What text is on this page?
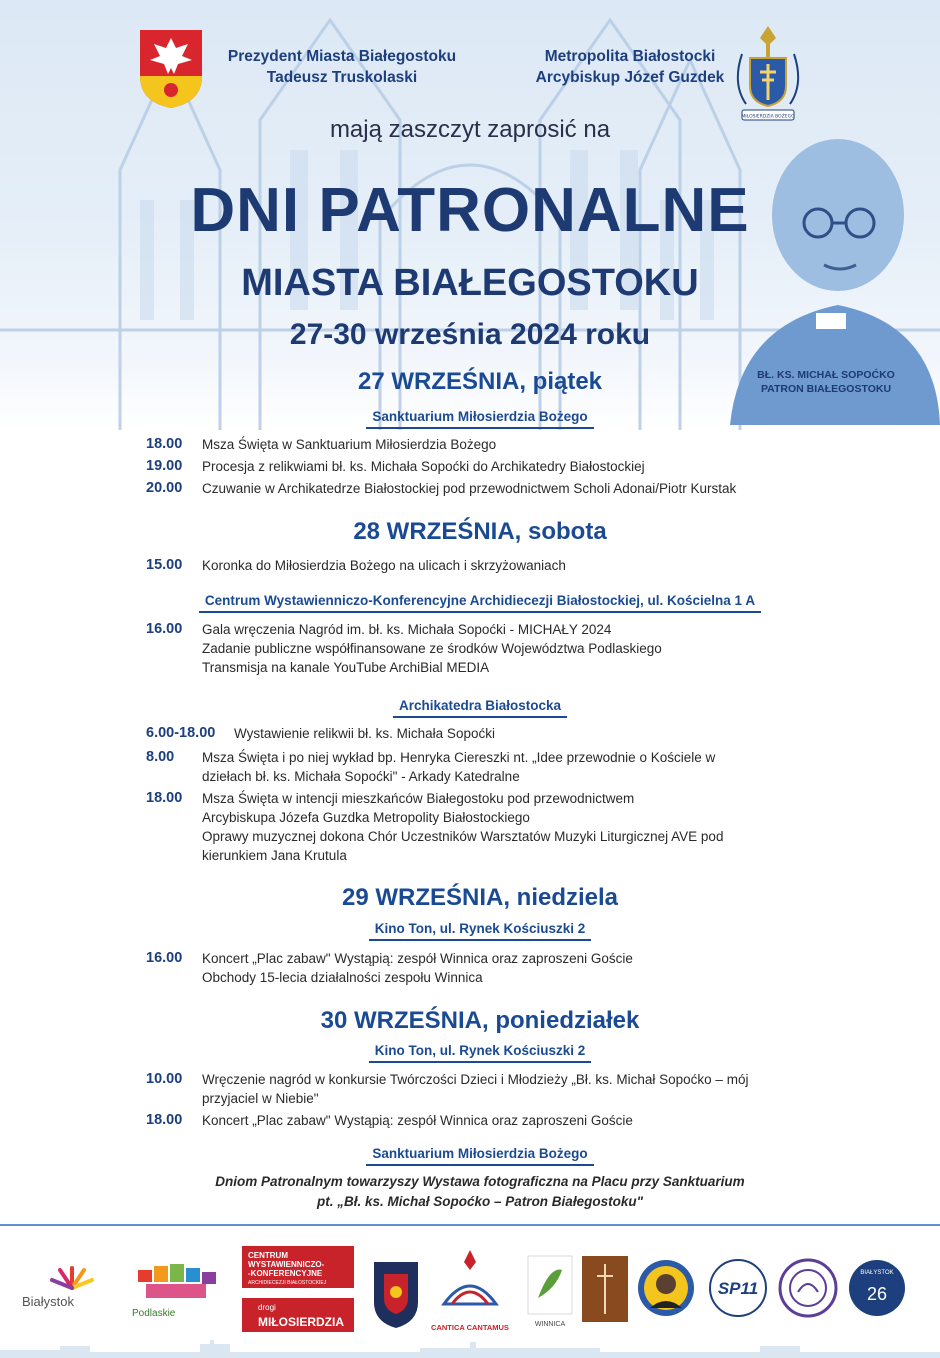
MIŁOSIERDZIA BOŻEGO
Prezydent Miasta Białegostoku
Tadeusz Truskolaski
Metropolita Białostocki
Arcybiskup Józef Guzdek
mają zaszczyt zaprosić na
DNI PATRONALNE
MIASTA BIAŁEGOSTOKU
27-30 września 2024 roku
BŁ. KS. MICHAŁ SOPOĆKO
PATRON BIAŁEGOSTOKU
27 WRZEŚNIA, piątek
Sanktuarium Miłosierdzia Bożego
18.00 Msza Święta w Sanktuarium Miłosierdzia Bożego
19.00 Procesja z relikwiami bł. ks. Michała Sopoćki do Archikatedry Białostockiej
20.00 Czuwanie w Archikatedrze Białostockiej pod przewodnictwem Scholi Adonai/Piotr Kurstak
28 WRZEŚNIA, sobota
15.00 Koronka do Miłosierdzia Bożego na ulicach i skrzyżowaniach
Centrum Wystawienniczo-Konferencyjne Archidiecezji Białostockiej, ul. Kościelna 1 A
16.00 Gala wręczenia Nagród im. bł. ks. Michała Sopoćki - MICHAŁY 2024
Zadanie publiczne współfinansowane ze środków Województwa Podlaskiego
Transmisja na kanale YouTube ArchiBial MEDIA
Archikatedra Białostocka
6.00-18.00 Wystawienie relikwii bł. ks. Michała Sopoćki
8.00 Msza Święta i po niej wykład bp. Henryka Ciereszki nt. „Idee przewodnie o Kościele w
dziełach bł. ks. Michała Sopoćki" - Arkady Katedralne
18.00 Msza Święta w intencji mieszkańców Białegostoku pod przewodnictwem
Arcybiskupa Józefa Guzdka Metropolity Białostockiego
Oprawy muzycznej dokona Chór Uczestników Warsztatów Muzyki Liturgicznej AVE pod
kierunkiem Jana Krutula
29 WRZEŚNIA, niedziela
Kino Ton, ul. Rynek Kościuszki 2
16.00 Koncert „Plac zabaw" Wystąpią: zespół Winnica oraz zaproszeni Goście
Obchody 15-lecia działalności zespołu Winnica
30 WRZEŚNIA, poniedziałek
Kino Ton, ul. Rynek Kościuszki 2
10.00 Wręczenie nagród w konkursie Twórczości Dzieci i Młodzieży „Bł. ks. Michał Sopoćko – mój
przyjaciel w Niebie"
18.00 Koncert „Plac zabaw" Wystąpią: zespół Winnica oraz zaproszeni Goście
Sanktuarium Miłosierdzia Bożego
Dniom Patronalnym towarzyszy Wystawa fotograficzna na Placu przy Sanktuarium
pt. „Bł. ks. Michał Sopoćko – Patron Białegostoku"
Białystok
Podlaskie
CENTRUM
WYSTAWIENNICZO-
-KONFERENCYJNE
ARCHIDIECEZJI BIAŁOSTOCKIEJ
drogi
MIŁOSIERDZIA	CANTICA CANTAMUS	WINNICA
SP11
BIAŁYSTOK
26
